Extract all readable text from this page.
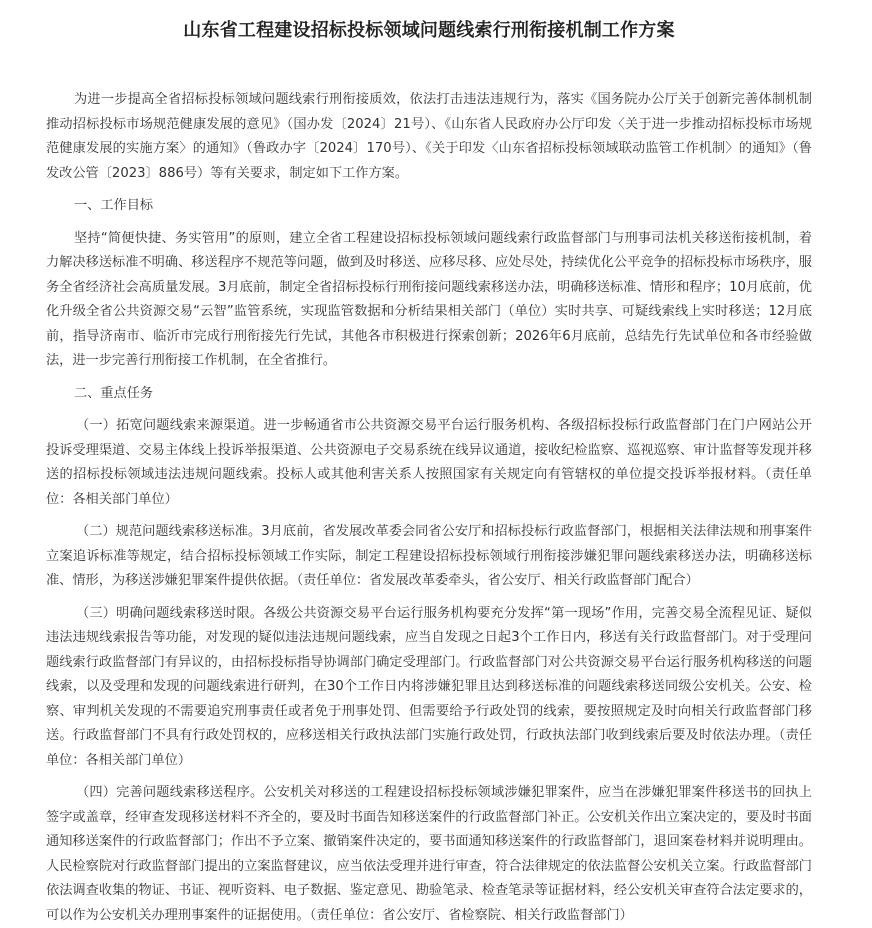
山东省工程建设招标投标领域问题线索行刑衔接机制工作方案

为进一步提高全省招标投标领域问题线索行刑衔接质效，依法打击违法违规行为，落实《国务院办公厅关于创新完善体制机制推动招标投标市场规范健康发展的意见》（国办发〔2024〕21号）、《山东省人民政府办公厅印发〈关于进一步推动招标投标市场规范健康发展的实施方案〉的通知》（鲁政办字〔2024〕170号）、《关于印发〈山东省招标投标领域联动监管工作机制〉的通知》（鲁发改公管〔2023〕886号）等有关要求，制定如下工作方案。

一、工作目标

坚持“简便快捷、务实管用”的原则，建立全省工程建设招标投标领域问题线索行政监督部门与刑事司法机关移送衔接机制，着力解决移送标准不明确、移送程序不规范等问题，做到及时移送、应移尽移、应处尽处，持续优化公平竞争的招标投标市场秩序，服务全省经济社会高质量发展。3月底前，制定全省招标投标行刑衔接问题线索移送办法，明确移送标准、情形和程序；10月底前，优化升级全省公共资源交易“云智”监管系统，实现监管数据和分析结果相关部门（单位）实时共享、可疑线索线上实时移送；12月底前，指导济南市、临沂市完成行刑衔接先行先试，其他各市积极进行探索创新；2026年6月底前，总结先行先试单位和各市经验做法，进一步完善行刑衔接工作机制，在全省推行。

二、重点任务

（一）拓宽问题线索来源渠道。进一步畅通省市公共资源交易平台运行服务机构、各级招标投标行政监督部门在门户网站公开投诉受理渠道、交易主体线上投诉举报渠道、公共资源电子交易系统在线异议通道，接收纪检监察、巡视巡察、审计监督等发现并移送的招标投标领域违法违规问题线索。投标人或其他利害关系人按照国家有关规定向有管辖权的单位提交投诉举报材料。（责任单位：各相关部门单位）

（二）规范问题线索移送标准。3月底前，省发展改革委会同省公安厅和招标投标行政监督部门，根据相关法律法规和刑事案件立案追诉标准等规定，结合招标投标领域工作实际，制定工程建设招标投标领域行刑衔接涉嫌犯罪问题线索移送办法，明确移送标准、情形，为移送涉嫌犯罪案件提供依据。（责任单位：省发展改革委牵头，省公安厅、相关行政监督部门配合）

（三）明确问题线索移送时限。各级公共资源交易平台运行服务机构要充分发挥“第一现场”作用，完善交易全流程见证、疑似违法违规线索报告等功能，对发现的疑似违法违规问题线索，应当自发现之日起3个工作日内，移送有关行政监督部门。对于受理问题线索行政监督部门有异议的，由招标投标指导协调部门确定受理部门。行政监督部门对公共资源交易平台运行服务机构移送的问题线索，以及受理和发现的问题线索进行研判，在30个工作日内将涉嫌犯罪且达到移送标准的问题线索移送同级公安机关。公安、检察、审判机关发现的不需要追究刑事责任或者免于刑事处罚、但需要给予行政处罚的线索，要按照规定及时向相关行政监督部门移送。行政监督部门不具有行政处罚权的，应移送相关行政执法部门实施行政处罚，行政执法部门收到线索后要及时依法办理。（责任单位：各相关部门单位）

（四）完善问题线索移送程序。公安机关对移送的工程建设招标投标领域涉嫌犯罪案件，应当在涉嫌犯罪案件移送书的回执上签字或盖章，经审查发现移送材料不齐全的，要及时书面告知移送案件的行政监督部门补正。公安机关作出立案决定的，要及时书面通知移送案件的行政监督部门；作出不予立案、撤销案件决定的，要书面通知移送案件的行政监督部门，退回案卷材料并说明理由。人民检察院对行政监督部门提出的立案监督建议，应当依法受理并进行审查，符合法律规定的依法监督公安机关立案。行政监督部门依法调查收集的物证、书证、视听资料、电子数据、鉴定意见、勘验笔录、检查笔录等证据材料，经公安机关审查符合法定要求的，可以作为公安机关办理刑事案件的证据使用。（责任单位：省公安厅、省检察院、相关行政监督部门）
